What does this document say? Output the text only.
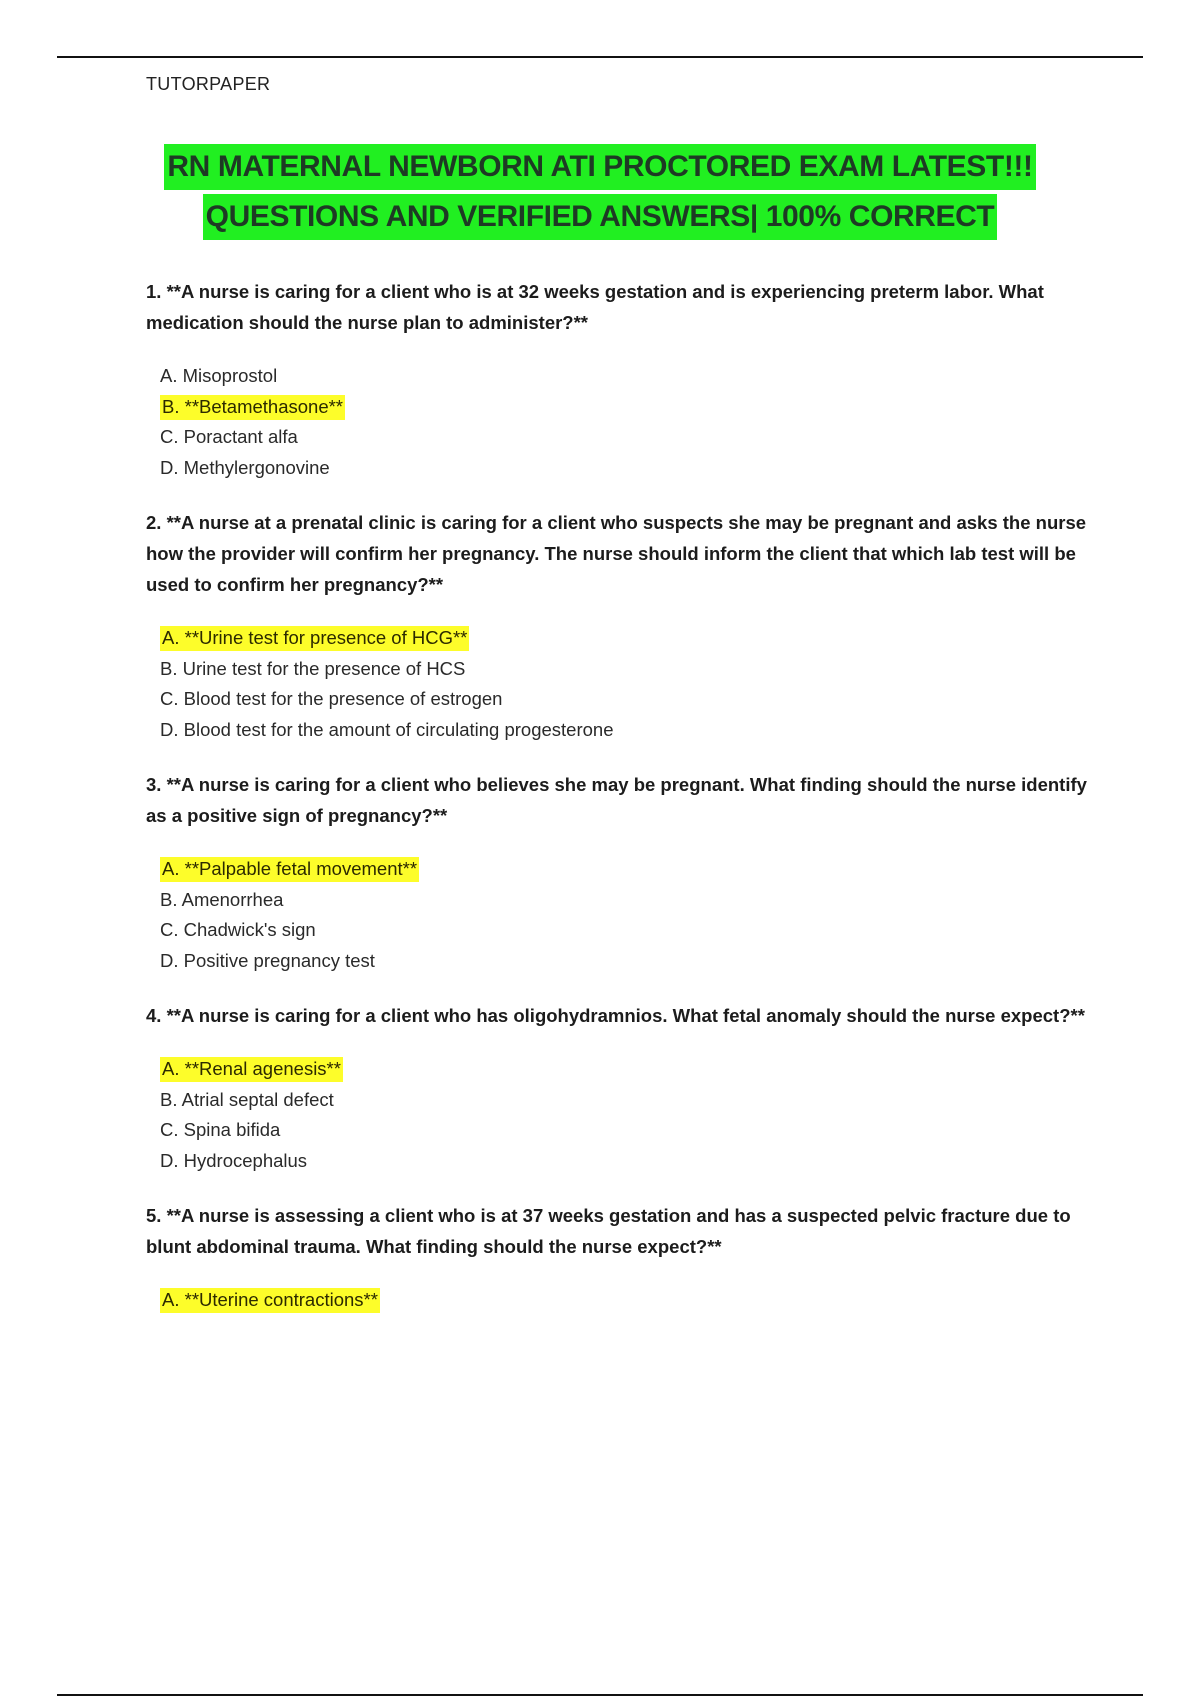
TUTORPAPER
RN MATERNAL NEWBORN ATI PROCTORED EXAM LATEST!!!
QUESTIONS AND VERIFIED ANSWERS| 100% CORRECT

1. **A nurse is caring for a client who is at 32 weeks gestation and is experiencing preterm labor. What medication should the nurse plan to administer?**

A. Misoprostol
B. **Betamethasone**
C. Poractant alfa
D. Methylergonovine

2. **A nurse at a prenatal clinic is caring for a client who suspects she may be pregnant and asks the nurse how the provider will confirm her pregnancy. The nurse should inform the client that which lab test will be used to confirm her pregnancy?**

A. **Urine test for presence of HCG**
B. Urine test for the presence of HCS
C. Blood test for the presence of estrogen
D. Blood test for the amount of circulating progesterone

3. **A nurse is caring for a client who believes she may be pregnant. What finding should the nurse identify as a positive sign of pregnancy?**

A. **Palpable fetal movement**
B. Amenorrhea
C. Chadwick's sign
D. Positive pregnancy test

4. **A nurse is caring for a client who has oligohydramnios. What fetal anomaly should the nurse expect?**

A. **Renal agenesis**
B. Atrial septal defect
C. Spina bifida
D. Hydrocephalus

5. **A nurse is assessing a client who is at 37 weeks gestation and has a suspected pelvic fracture due to blunt abdominal trauma. What finding should the nurse expect?**

A. **Uterine contractions**
